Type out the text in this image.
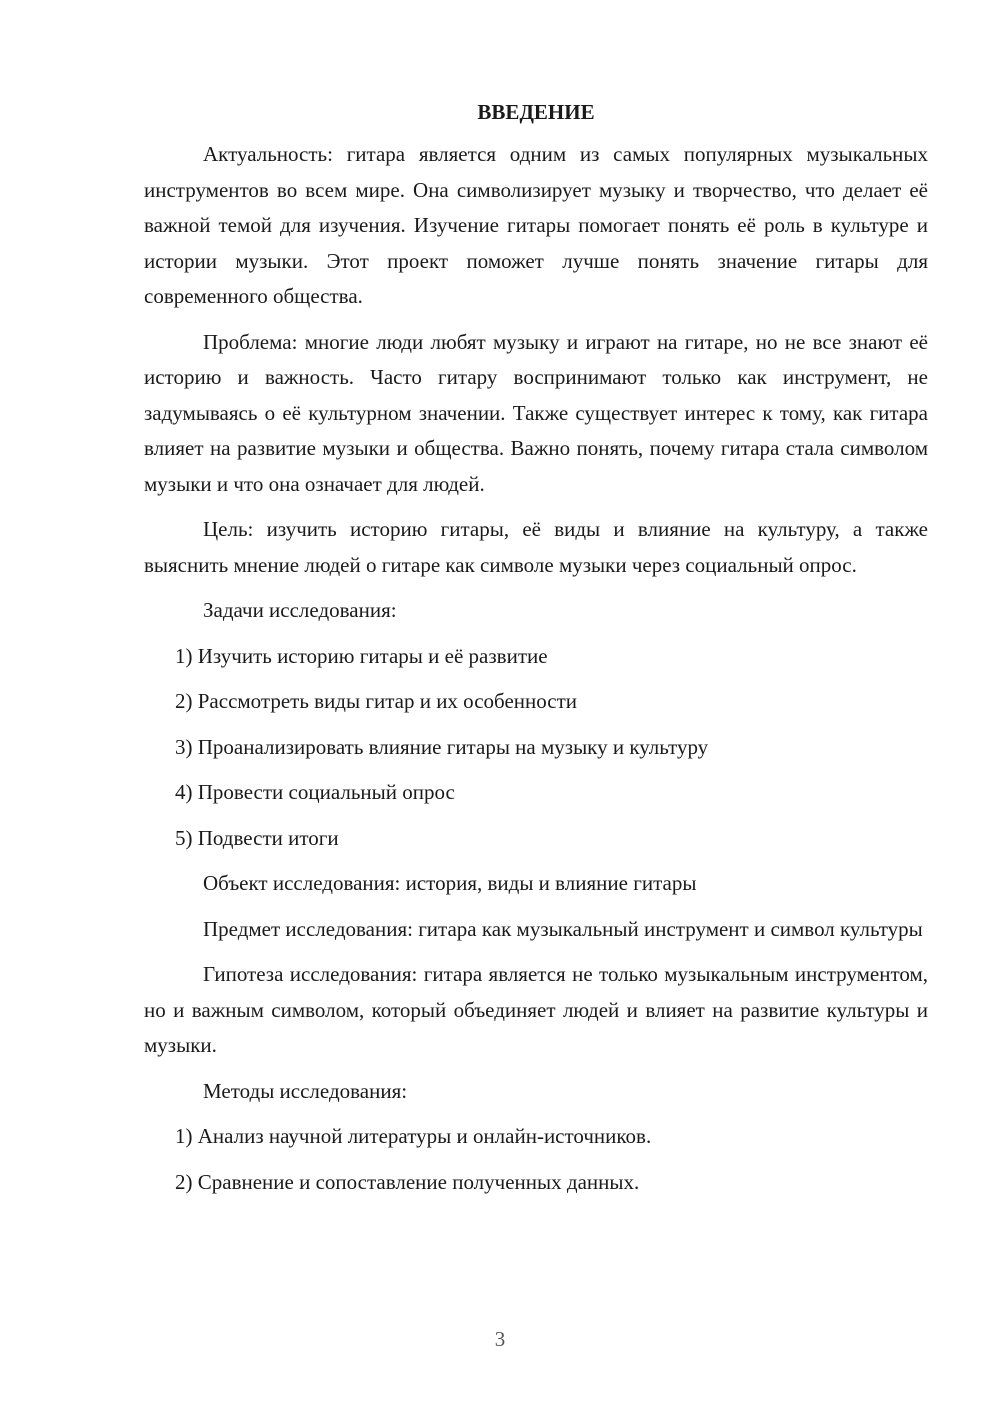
ВВЕДЕНИЕ

Актуальность: гитара является одним из самых популярных музыкальных инструментов во всем мире. Она символизирует музыку и творчество, что делает её важной темой для изучения. Изучение гитары помогает понять её роль в культуре и истории музыки. Этот проект поможет лучше понять значение гитары для современного общества.

Проблема: многие люди любят музыку и играют на гитаре, но не все знают её историю и важность. Часто гитару воспринимают только как инструмент, не задумываясь о её культурном значении. Также существует интерес к тому, как гитара влияет на развитие музыки и общества. Важно понять, почему гитара стала символом музыки и что она означает для людей.

Цель: изучить историю гитары, её виды и влияние на культуру, а также выяснить мнение людей о гитаре как символе музыки через социальный опрос.

Задачи исследования:

1) Изучить историю гитары и её развитие
2) Рассмотреть виды гитар и их особенности
3) Проанализировать влияние гитары на музыку и культуру
4) Провести социальный опрос
5) Подвести итоги

Объект исследования: история, виды и влияние гитары

Предмет исследования: гитара как музыкальный инструмент и символ культуры

Гипотеза исследования: гитара является не только музыкальным инструментом, но и важным символом, который объединяет людей и влияет на развитие культуры и музыки.

Методы исследования:

1) Анализ научной литературы и онлайн-источников.
2) Сравнение и сопоставление полученных данных.
3
